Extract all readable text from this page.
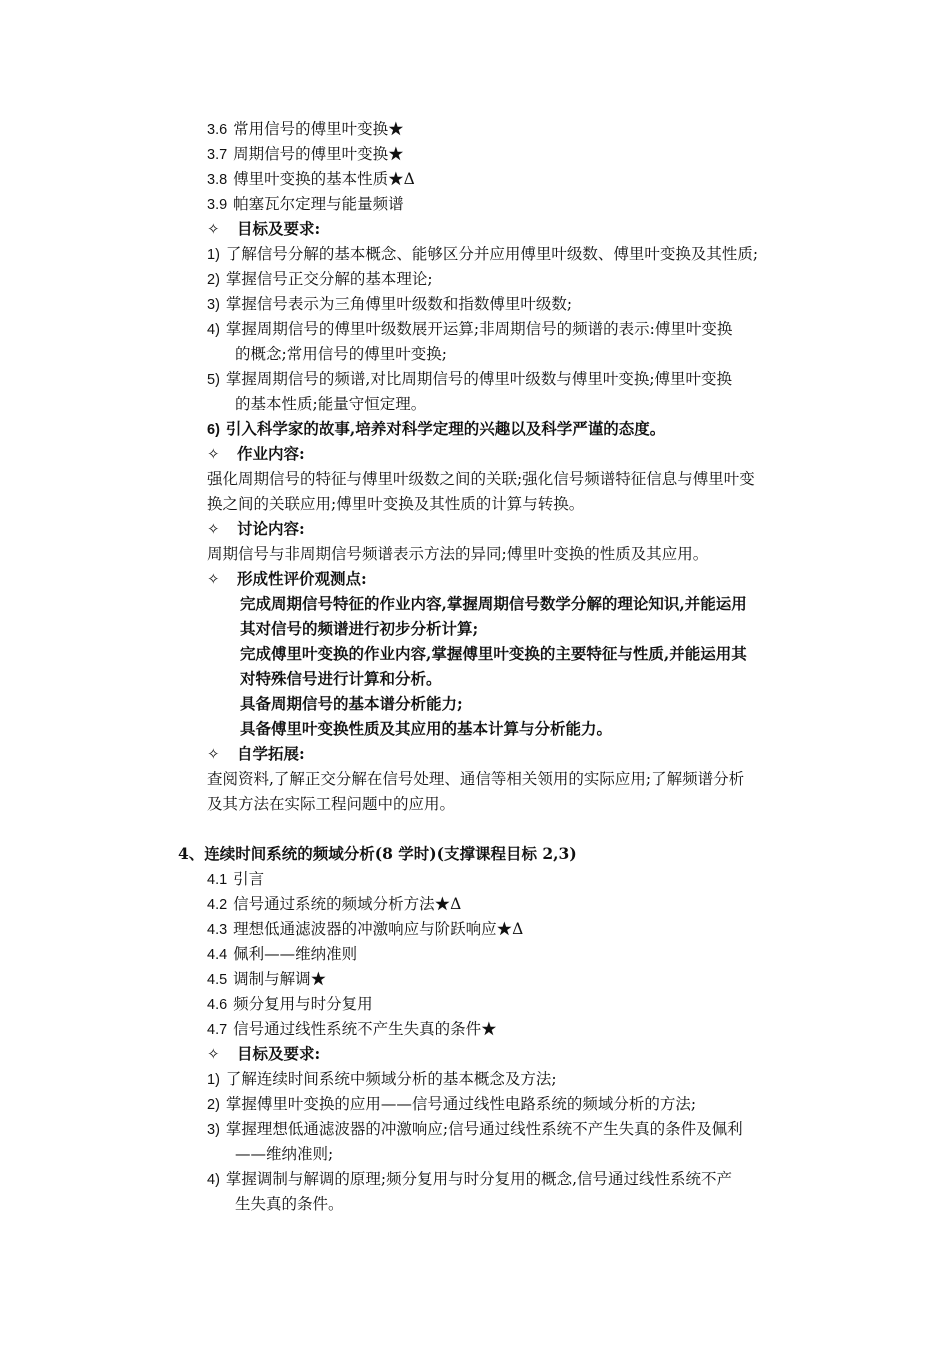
3.6 常用信号的傅里叶变换★
3.7 周期信号的傅里叶变换★
3.8 傅里叶变换的基本性质★Δ
3.9 帕塞瓦尔定理与能量频谱
✧ 目标及要求:
1) 了解信号分解的基本概念、能够区分并应用傅里叶级数、傅里叶变换及其性质;
2) 掌握信号正交分解的基本理论;
3) 掌握信号表示为三角傅里叶级数和指数傅里叶级数;
4) 掌握周期信号的傅里叶级数展开运算;非周期信号的频谱的表示:傅里叶变换
的概念;常用信号的傅里叶变换;
5) 掌握周期信号的频谱,对比周期信号的傅里叶级数与傅里叶变换;傅里叶变换
的基本性质;能量守恒定理。
6) 引入科学家的故事,培养对科学定理的兴趣以及科学严谨的态度。
✧ 作业内容:
强化周期信号的特征与傅里叶级数之间的关联;强化信号频谱特征信息与傅里叶变
换之间的关联应用;傅里叶变换及其性质的计算与转换。
✧ 讨论内容:
周期信号与非周期信号频谱表示方法的异同;傅里叶变换的性质及其应用。
✧ 形成性评价观测点:
完成周期信号特征的作业内容,掌握周期信号数学分解的理论知识,并能运用
其对信号的频谱进行初步分析计算;
完成傅里叶变换的作业内容,掌握傅里叶变换的主要特征与性质,并能运用其
对特殊信号进行计算和分析。
具备周期信号的基本谱分析能力;
具备傅里叶变换性质及其应用的基本计算与分析能力。
✧ 自学拓展:
查阅资料,了解正交分解在信号处理、通信等相关领用的实际应用;了解频谱分析
及其方法在实际工程问题中的应用。
4、连续时间系统的频域分析(8 学时)(支撑课程目标 2,3)
4.1 引言
4.2 信号通过系统的频域分析方法★Δ
4.3 理想低通滤波器的冲激响应与阶跃响应★Δ
4.4 佩利——维纳准则
4.5 调制与解调★
4.6 频分复用与时分复用
4.7 信号通过线性系统不产生失真的条件★
✧ 目标及要求:
1) 了解连续时间系统中频域分析的基本概念及方法;
2) 掌握傅里叶变换的应用——信号通过线性电路系统的频域分析的方法;
3) 掌握理想低通滤波器的冲激响应;信号通过线性系统不产生失真的条件及佩利
——维纳准则;
4) 掌握调制与解调的原理;频分复用与时分复用的概念,信号通过线性系统不产
生失真的条件。
